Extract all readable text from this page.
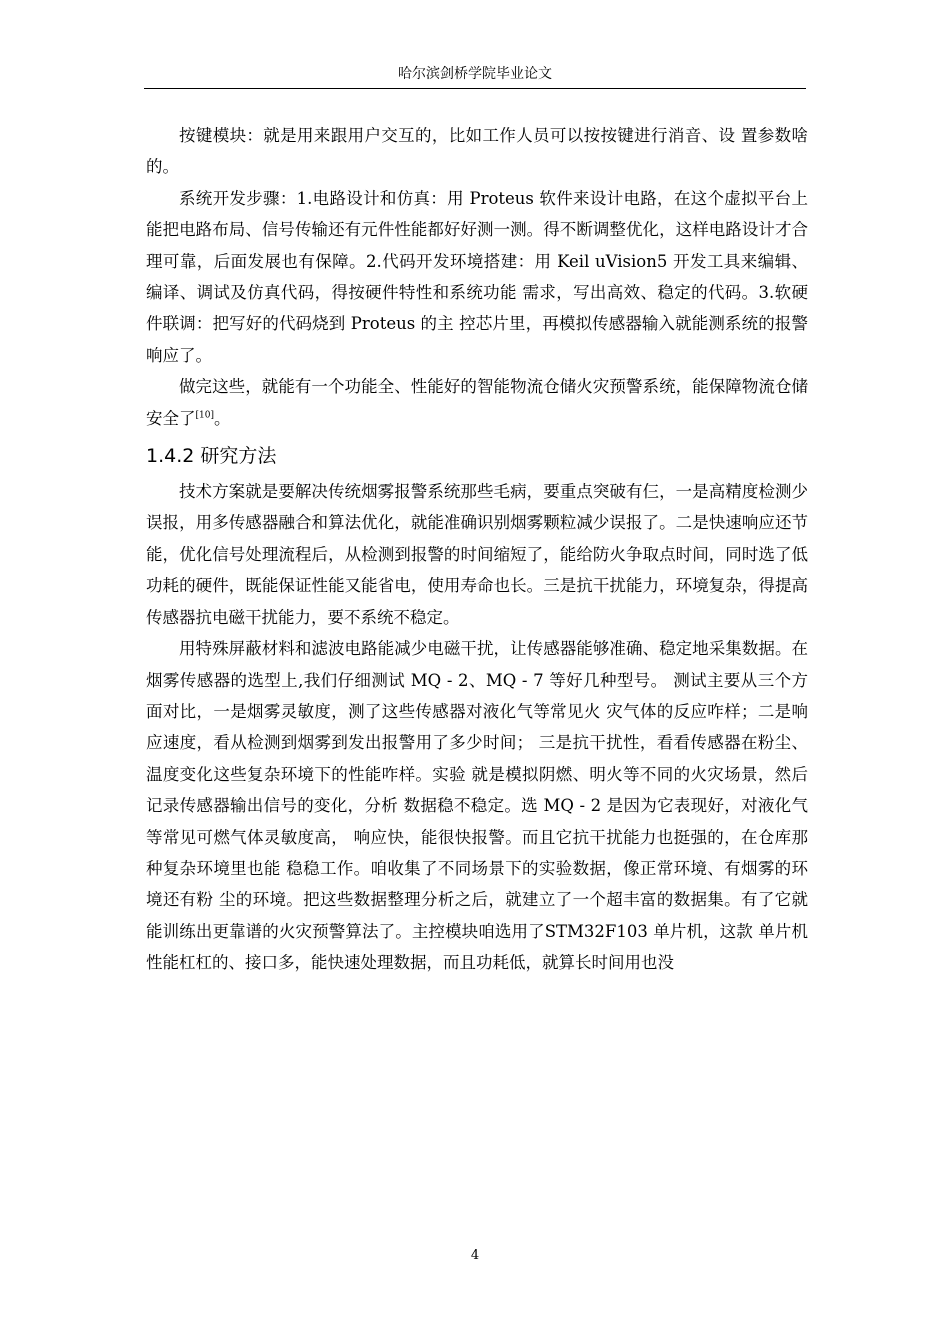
哈尔滨剑桥学院毕业论文

按键模块：就是用来跟用户交互的，比如工作人员可以按按键进行消音、设 置参数啥的。

系统开发步骤：1.电路设计和仿真：用 Proteus 软件来设计电路，在这个虚拟平台上能把电路布局、信号传输还有元件性能都好好测一测。得不断调整优化，这样电路设计才合理可靠，后面发展也有保障。2.代码开发环境搭建：用 Keil uVision5 开发工具来编辑、编译、调试及仿真代码，得按硬件特性和系统功能 需求，写出高效、稳定的代码。3.软硬件联调：把写好的代码烧到 Proteus 的主 控芯片里，再模拟传感器输入就能测系统的报警响应了。

做完这些，就能有一个功能全、性能好的智能物流仓储火灾预警系统，能保障物流仓储安全了[10]。

1.4.2 研究方法

技术方案就是要解决传统烟雾报警系统那些毛病，要重点突破有仨，一是高精度检测少误报，用多传感器融合和算法优化，就能准确识别烟雾颗粒减少误报了。二是快速响应还节能，优化信号处理流程后，从检测到报警的时间缩短了，能给防火争取点时间，同时选了低功耗的硬件，既能保证性能又能省电，使用寿命也长。三是抗干扰能力，环境复杂，得提高传感器抗电磁干扰能力，要不系统不稳定。

用特殊屏蔽材料和滤波电路能减少电磁干扰，让传感器能够准确、稳定地采集数据。在烟雾传感器的选型上,我们仔细测试 MQ - 2、MQ - 7 等好几种型号。 测试主要从三个方面对比，一是烟雾灵敏度，测了这些传感器对液化气等常见火 灾气体的反应咋样；二是响应速度，看从检测到烟雾到发出报警用了多少时间； 三是抗干扰性，看看传感器在粉尘、温度变化这些复杂环境下的性能咋样。实验 就是模拟阴燃、明火等不同的火灾场景，然后记录传感器输出信号的变化，分析 数据稳不稳定。选 MQ - 2 是因为它表现好，对液化气等常见可燃气体灵敏度高， 响应快，能很快报警。而且它抗干扰能力也挺强的，在仓库那种复杂环境里也能 稳稳工作。咱收集了不同场景下的实验数据，像正常环境、有烟雾的环境还有粉 尘的环境。把这些数据整理分析之后，就建立了一个超丰富的数据集。有了它就 能训练出更靠谱的火灾预警算法了。主控模块咱选用了STM32F103 单片机，这款 单片机性能杠杠的、接口多，能快速处理数据，而且功耗低，就算长时间用也没

4
